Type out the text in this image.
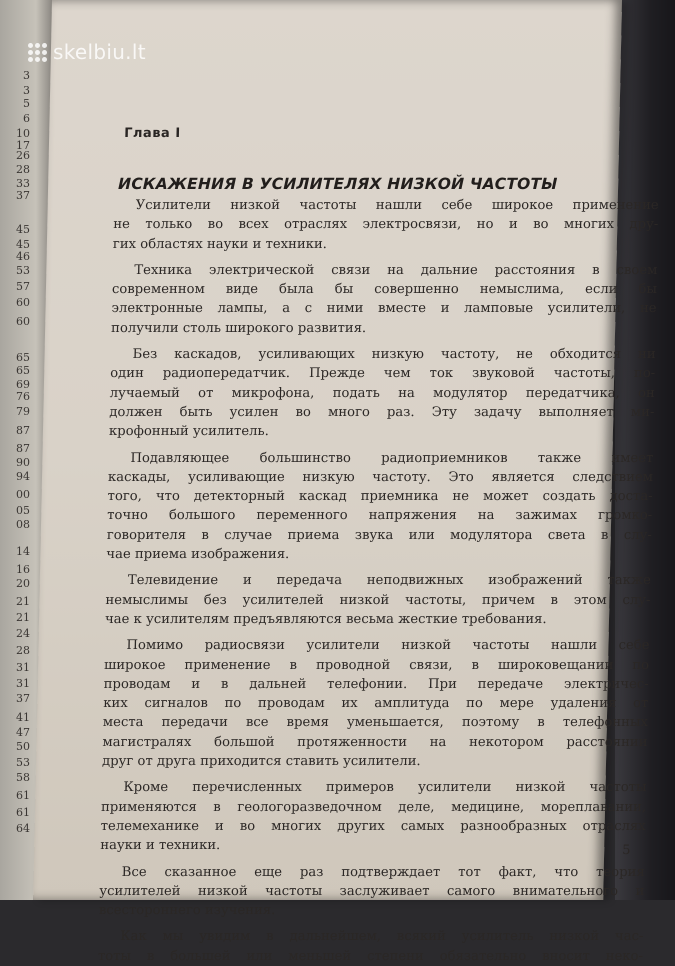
3
3
5
6
10
17
26
28
33
37
45
45
46
53
57
60
60
65
65
69
76
79
87
87
90
94
00
05
08
14
16
20
21
21
24
28
31
31
37
41
47
50
53
58
61
61
64
Глава I
ИСКАЖЕНИЯ В УСИЛИТЕЛЯХ НИЗКОЙ ЧАСТОТЫ
Усилители низкой частоты нашли себе широкое применение
не только во всех отраслях электросвязи, но и во многих дру-
гих областях науки и техники.
Техника электрической связи на дальние расстояния в своем
современном виде была бы совершенно немыслима, если бы
электронные лампы, а с ними вместе и ламповые усилители, не
получили столь широкого развития.
Без каскадов, усиливающих низкую частоту, не обходится ни
один радиопередатчик. Прежде чем ток звуковой частоты, по-
лучаемый от микрофона, подать на модулятор передатчика, он
должен быть усилен во много раз. Эту задачу выполняет ми-
крофонный усилитель.
Подавляющее большинство радиоприемников также имеет
каскады, усиливающие низкую частоту. Это является следствием
того, что детекторный каскад приемника не может создать доста-
точно большого переменного напряжения на зажимах громко-
говорителя в случае приема звука или модулятора света в слу-
чае приема изображения.
Телевидение и передача неподвижных изображений также
немыслимы без усилителей низкой частоты, причем в этом слу-
чае к усилителям предъявляются весьма жесткие требования.
Помимо радиосвязи усилители низкой частоты нашли себе
широкое применение в проводной связи, в широковещании по
проводам и в дальней телефонии. При передаче электричес-
ких сигналов по проводам их амплитуда по мере удаления от
места передачи все время уменьшается, поэтому в телефонных
магистралях большой протяженности на некотором расстоянии
друг от друга приходится ставить усилители.
Кроме перечисленных примеров усилители низкой частоты
применяются в геологоразведочном деле, медицине, мореплавании,
телемеханике и во многих других самых разнообразных отраслях
науки и техники.
Все сказанное еще раз подтверждает тот факт, что теория
усилителей низкой частоты заслуживает самого внимательного и
всестороннего изучения.
Как мы увидим в дальнейшем, всякий усилитель низкой час-
тоты в большей или меньшей степени обязательно вносит неко-
5
skelbiu.lt
